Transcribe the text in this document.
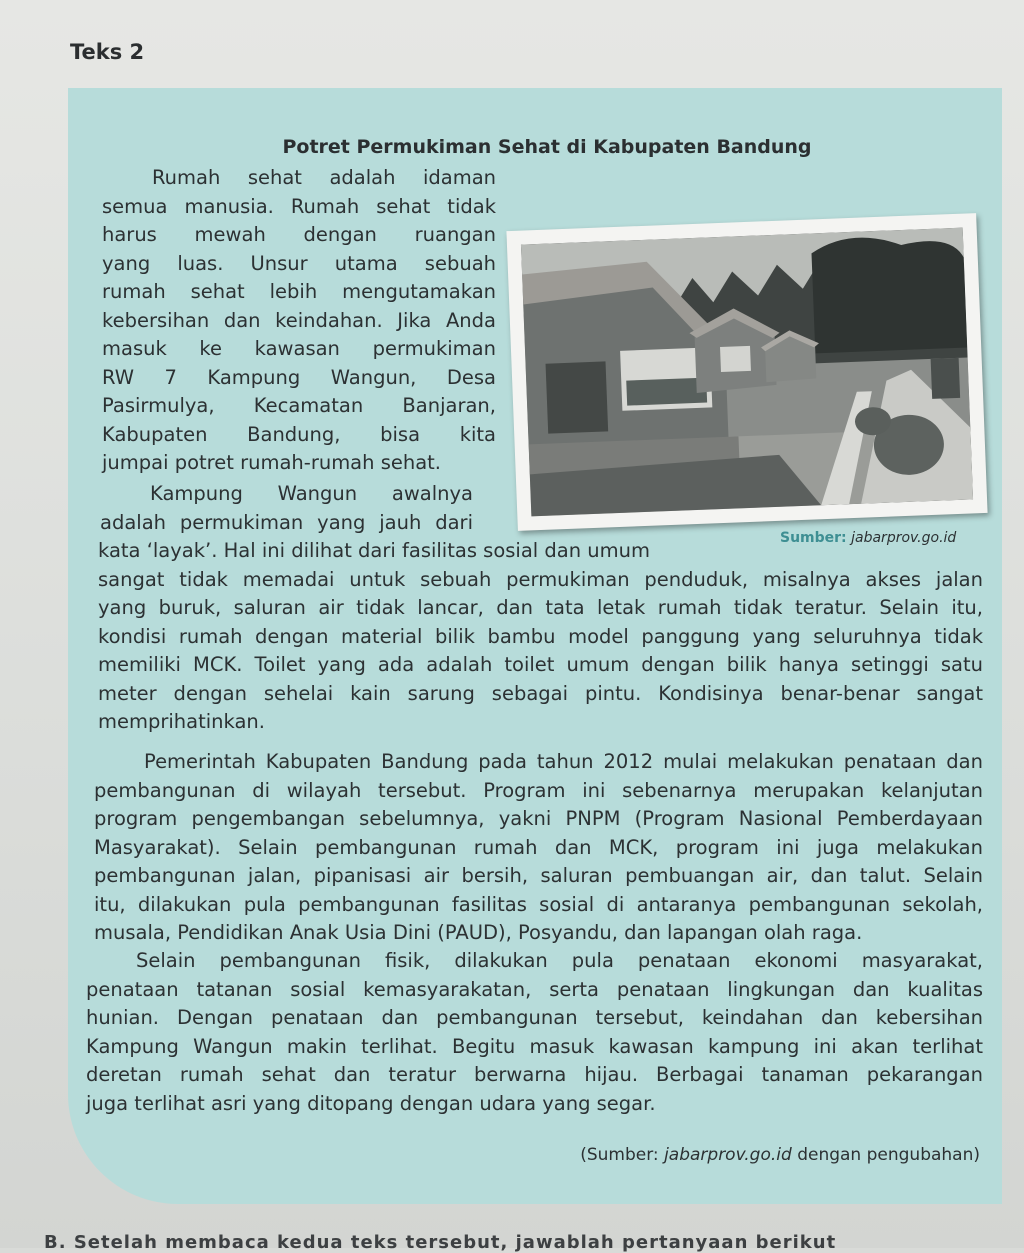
Teks 2
Potret Permukiman Sehat di Kabupaten Bandung
Rumah sehat adalah idaman
semua manusia. Rumah sehat tidak
harus mewah dengan ruangan
yang luas. Unsur utama sebuah
rumah sehat lebih mengutamakan
kebersihan dan keindahan. Jika Anda
masuk ke kawasan permukiman
RW 7 Kampung Wangun, Desa
Pasirmulya, Kecamatan Banjaran,
Kabupaten Bandung, bisa kita
jumpai potret rumah-rumah sehat.
Kampung Wangun awalnya
adalah permukiman yang jauh dari
kata ‘layak’. Hal ini dilihat dari fasilitas sosial dan umum
sangat tidak memadai untuk sebuah permukiman penduduk, misalnya akses jalan
yang buruk, saluran air tidak lancar, dan tata letak rumah tidak teratur. Selain itu,
kondisi rumah dengan material bilik bambu model panggung yang seluruhnya tidak
memiliki MCK. Toilet yang ada adalah toilet umum dengan bilik hanya setinggi satu
meter dengan sehelai kain sarung sebagai pintu. Kondisinya benar-benar sangat
memprihatinkan.
Pemerintah Kabupaten Bandung pada tahun 2012 mulai melakukan penataan dan
pembangunan di wilayah tersebut. Program ini sebenarnya merupakan kelanjutan
program pengembangan sebelumnya, yakni PNPM (Program Nasional Pemberdayaan
Masyarakat). Selain pembangunan rumah dan MCK, program ini juga melakukan
pembangunan jalan, pipanisasi air bersih, saluran pembuangan air, dan talut. Selain
itu, dilakukan pula pembangunan fasilitas sosial di antaranya pembangunan sekolah,
musala, Pendidikan Anak Usia Dini (PAUD), Posyandu, dan lapangan olah raga.
Selain pembangunan fisik, dilakukan pula penataan ekonomi masyarakat,
penataan tatanan sosial kemasyarakatan, serta penataan lingkungan dan kualitas
hunian. Dengan penataan dan pembangunan tersebut, keindahan dan kebersihan
Kampung Wangun makin terlihat. Begitu masuk kawasan kampung ini akan terlihat
deretan rumah sehat dan teratur berwarna hijau. Berbagai tanaman pekarangan
juga terlihat asri yang ditopang dengan udara yang segar.
Sumber: jabarprov.go.id
(Sumber: jabarprov.go.id dengan pengubahan)
B. Setelah membaca kedua teks tersebut, jawablah pertanyaan berikut
